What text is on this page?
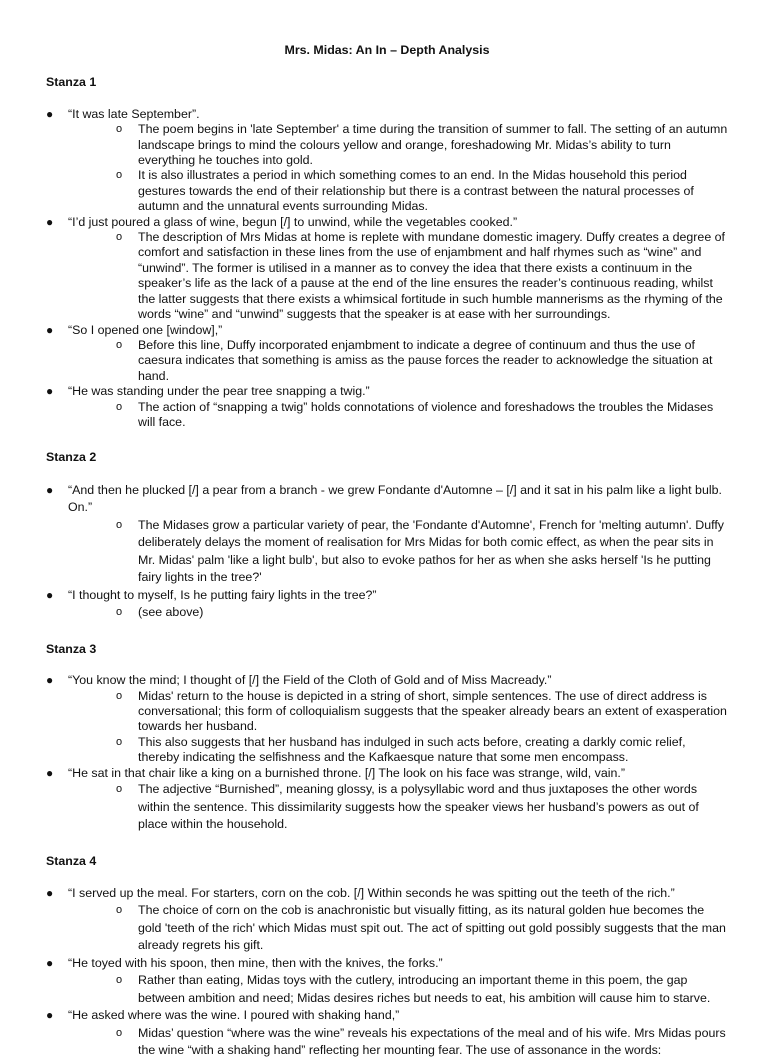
Mrs. Midas: An In – Depth Analysis
Stanza 1
● “It was late September”.
o The poem begins in 'late September' a time during the transition of summer to fall. The setting of an autumn landscape brings to mind the colours yellow and orange, foreshadowing Mr. Midas’s ability to turn everything he touches into gold.
o It is also illustrates a period in which something comes to an end. In the Midas household this period gestures towards the end of their relationship but there is a contrast between the natural processes of autumn and the unnatural events surrounding Midas.
● “I’d just poured a glass of wine, begun [/] to unwind, while the vegetables cooked.”
o The description of Mrs Midas at home is replete with mundane domestic imagery. Duffy creates a degree of comfort and satisfaction in these lines from the use of enjambment and half rhymes such as “wine” and “unwind”. The former is utilised in a manner as to convey the idea that there exists a continuum in the speaker’s life as the lack of a pause at the end of the line ensures the reader’s continuous reading, whilst the latter suggests that there exists a whimsical fortitude in such humble mannerisms as the rhyming of the words “wine” and “unwind” suggests that the speaker is at ease with her surroundings.
● “So I opened one [window],”
o Before this line, Duffy incorporated enjambment to indicate a degree of continuum and thus the use of caesura indicates that something is amiss as the pause forces the reader to acknowledge the situation at hand.
● “He was standing under the pear tree snapping a twig.”
o The action of “snapping a twig” holds connotations of violence and foreshadows the troubles the Midases will face.
Stanza 2
● “And then he plucked [/] a pear from a branch - we grew Fondante d'Automne – [/] and it sat in his palm like a light bulb. On.”
o The Midases grow a particular variety of pear, the 'Fondante d'Automne', French for 'melting autumn'. Duffy deliberately delays the moment of realisation for Mrs Midas for both comic effect, as when the pear sits in Mr. Midas' palm 'like a light bulb', but also to evoke pathos for her as when she asks herself 'Is he putting fairy lights in the tree?'
● “I thought to myself, Is he putting fairy lights in the tree?”
o (see above)
Stanza 3
● “You know the mind; I thought of [/] the Field of the Cloth of Gold and of Miss Macready.”
o Midas' return to the house is depicted in a string of short, simple sentences. The use of direct address is conversational; this form of colloquialism suggests that the speaker already bears an extent of exasperation towards her husband.
o This also suggests that her husband has indulged in such acts before, creating a darkly comic relief, thereby indicating the selfishness and the Kafkaesque nature that some men encompass.
● “He sat in that chair like a king on a burnished throne. [/] The look on his face was strange, wild, vain.”
o The adjective “Burnished”, meaning glossy, is a polysyllabic word and thus juxtaposes the other words within the sentence. This dissimilarity suggests how the speaker views her husband’s powers as out of place within the household.
Stanza 4
● “I served up the meal. For starters, corn on the cob. [/] Within seconds he was spitting out the teeth of the rich.”
o The choice of corn on the cob is anachronistic but visually fitting, as its natural golden hue becomes the gold 'teeth of the rich' which Midas must spit out. The act of spitting out gold possibly suggests that the man already regrets his gift.
● “He toyed with his spoon, then mine, then with the knives, the forks.”
o Rather than eating, Midas toys with the cutlery, introducing an important theme in this poem, the gap between ambition and need; Midas desires riches but needs to eat, his ambition will cause him to starve.
● “He asked where was the wine. I poured with shaking hand,”
o Midas’ question “where was the wine” reveals his expectations of the meal and of his wife. Mrs Midas pours the wine “with a shaking hand” reflecting her mounting fear. The use of assonance in the words:
